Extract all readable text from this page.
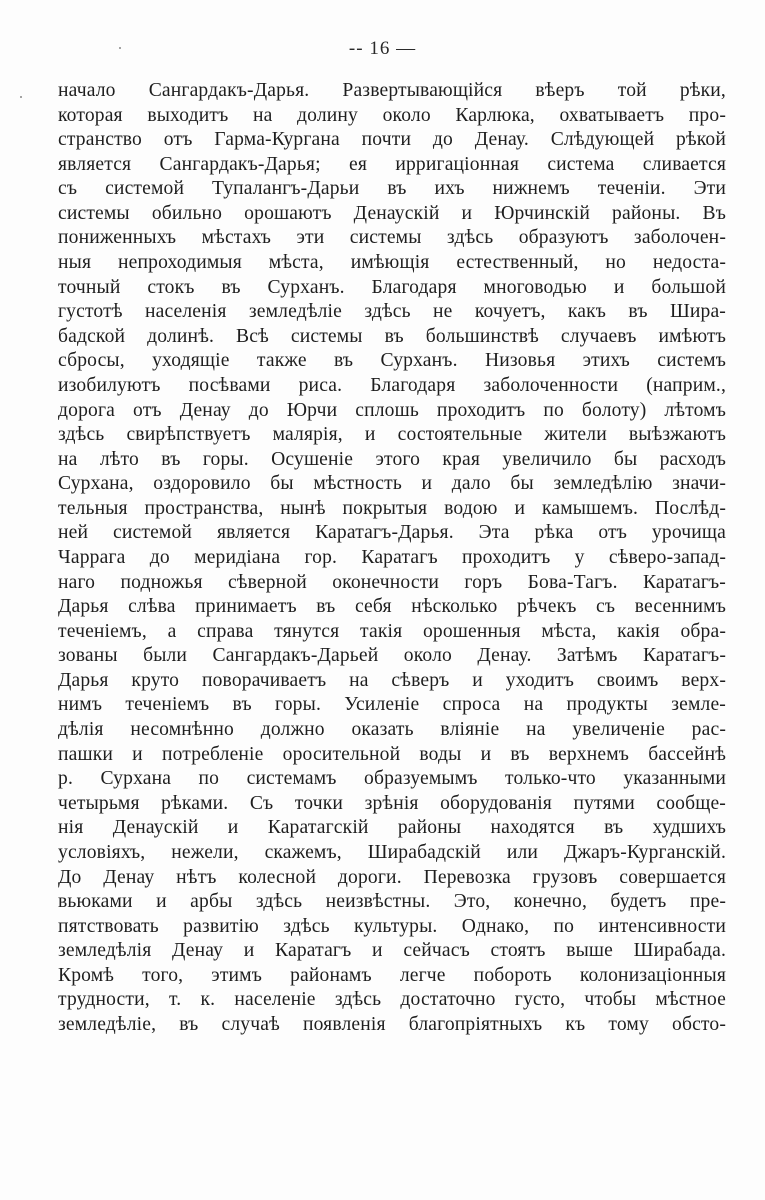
-- 16 —
начало Сангардакъ-Дарья. Развертывающійся вѣеръ той рѣки,
которая выходитъ на долину около Карлюка, охватываетъ про-
странство отъ Гарма-Кургана почти до Денау. Слѣдующей рѣкой
является Сангардакъ-Дарья; ея ирригаціонная система сливается
съ системой Тупалангъ-Дарьи въ ихъ нижнемъ теченіи. Эти
системы обильно орошаютъ Денаускій и Юрчинскій районы. Въ
пониженныхъ мѣстахъ эти системы здѣсь образуютъ заболочен-
ныя непроходимыя мѣста, имѣющія естественный, но недоста-
точный стокъ въ Сурханъ. Благодаря многоводью и большой
густотѣ населенія земледѣліе здѣсь не кочуетъ, какъ въ Шира-
бадской долинѣ. Всѣ системы въ большинствѣ случаевъ имѣютъ
сбросы, уходящіе также въ Сурханъ. Низовья этихъ системъ
изобилуютъ посѣвами риса. Благодаря заболоченности (наприм.,
дорога отъ Денау до Юрчи сплошь проходитъ по болоту) лѣтомъ
здѣсь свирѣпствуетъ малярія, и состоятельные жители выѣзжаютъ
на лѣто въ горы. Осушеніе этого края увеличило бы расходъ
Сурхана, оздоровило бы мѣстность и дало бы земледѣлію значи-
тельныя пространства, нынѣ покрытыя водою и камышемъ. Послѣд-
ней системой является Каратагъ-Дарья. Эта рѣка отъ урочища
Чаррага до меридіана гор. Каратагъ проходитъ у сѣверо-запад-
наго подножья сѣверной оконечности горъ Бова-Тагъ. Каратагъ-
Дарья слѣва принимаетъ въ себя нѣсколько рѣчекъ съ весеннимъ
теченіемъ, а справа тянутся такія орошенныя мѣста, какія обра-
зованы были Сангардакъ-Дарьей около Денау. Затѣмъ Каратагъ-
Дарья круто поворачиваетъ на сѣверъ и уходитъ своимъ верх-
нимъ теченіемъ въ горы. Усиленіе спроса на продукты земле-
дѣлія несомнѣнно должно оказать вліяніе на увеличеніе рас-
пашки и потребленіе оросительной воды и въ верхнемъ бассейнѣ
р. Сурхана по системамъ образуемымъ только-что указанными
четырьмя рѣками. Съ точки зрѣнія оборудованія путями сообще-
нія Денаускій и Каратагскій районы находятся въ худшихъ
условіяхъ, нежели, скажемъ, Ширабадскій или Джаръ-Курганскій.
До Денау нѣтъ колесной дороги. Перевозка грузовъ совершается
вьюками и арбы здѣсь неизвѣстны. Это, конечно, будетъ пре-
пятствовать развитію здѣсь культуры. Однако, по интенсивности
земледѣлія Денау и Каратагъ и сейчасъ стоятъ выше Ширабада.
Кромѣ того, этимъ районамъ легче побороть колонизаціонныя
трудности, т. к. населеніе здѣсь достаточно густо, чтобы мѣстное
земледѣліе, въ случаѣ появленія благопріятныхъ къ тому обсто-
